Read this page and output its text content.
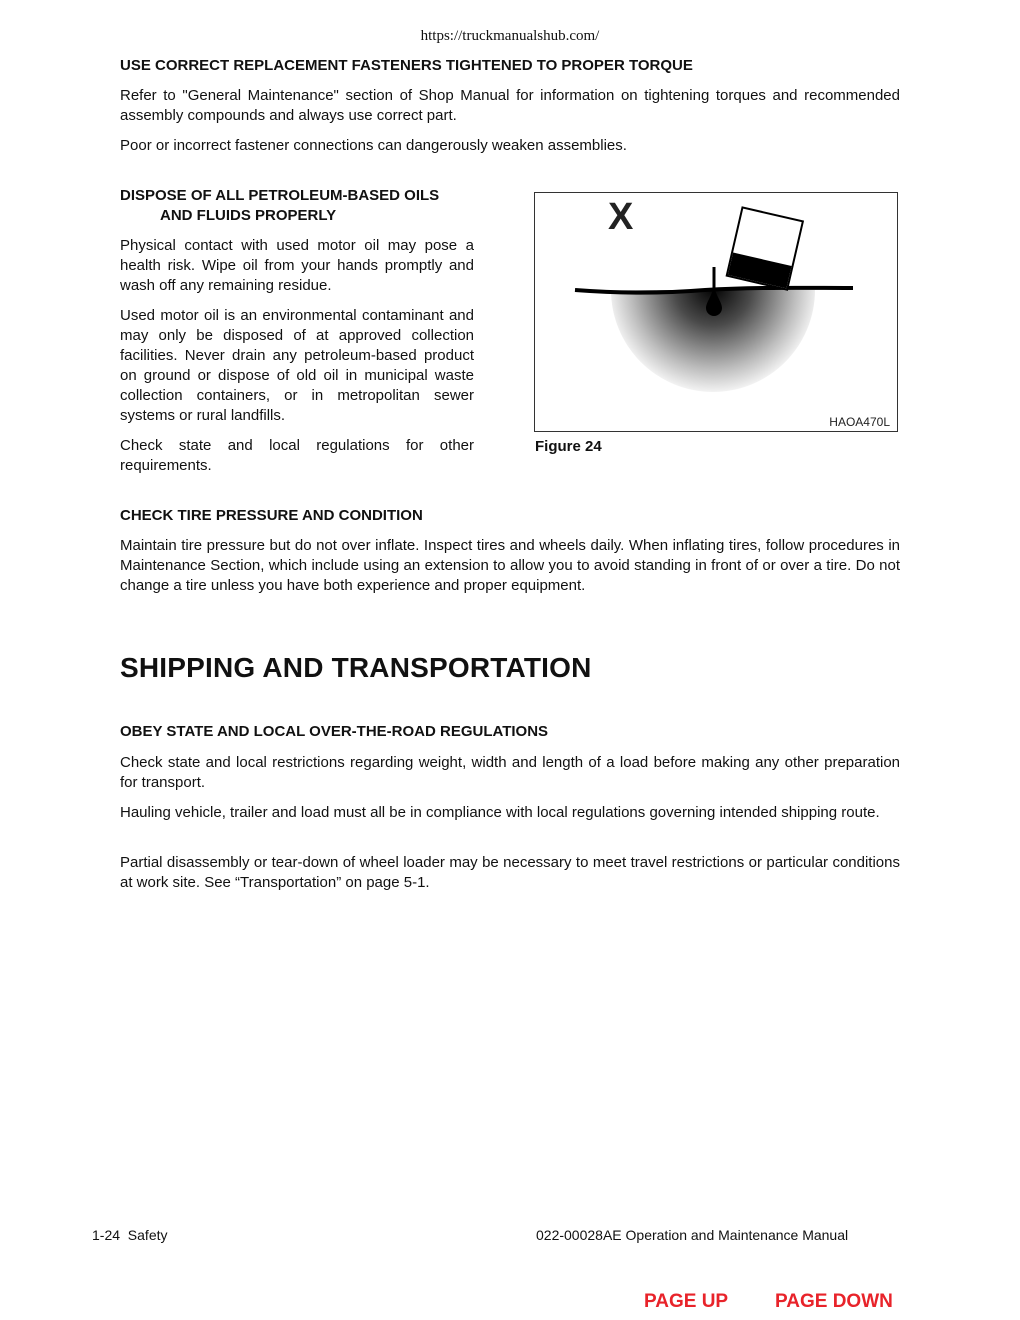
https://truckmanualshub.com/
USE CORRECT REPLACEMENT FASTENERS TIGHTENED TO PROPER TORQUE

Refer to "General Maintenance" section of Shop Manual for information on tightening torques and recommended assembly compounds and always use correct part.

Poor or incorrect fastener connections can dangerously weaken assemblies.

DISPOSE OF ALL PETROLEUM-BASED OILS
AND FLUIDS PROPERLY

Physical contact with used motor oil may pose a health risk. Wipe oil from your hands promptly and wash off any remaining residue.

Used motor oil is an environmental contaminant and may only be disposed of at approved collection facilities. Never drain any petroleum-based product on ground or dispose of old oil in municipal waste collection containers, or in metropolitan sewer systems or rural landfills.

Check state and local regulations for other requirements.

X
HAOA470L
Figure 24
CHECK TIRE PRESSURE AND CONDITION

Maintain tire pressure but do not over inflate. Inspect tires and wheels daily. When inflating tires, follow procedures in Maintenance Section, which include using an extension to allow you to avoid standing in front of or over a tire. Do not change a tire unless you have both experience and proper equipment.

SHIPPING AND TRANSPORTATION
OBEY STATE AND LOCAL OVER-THE-ROAD REGULATIONS

Check state and local restrictions regarding weight, width and length of a load before making any other preparation for transport.

Hauling vehicle, trailer and load must all be in compliance with local regulations governing intended shipping route.

Partial disassembly or tear-down of wheel loader may be necessary to meet travel restrictions or particular conditions at work site. See “Transportation” on page 5-1.

1-24  Safety	022-00028AE Operation and Maintenance Manual
PAGE UP PAGE DOWN
